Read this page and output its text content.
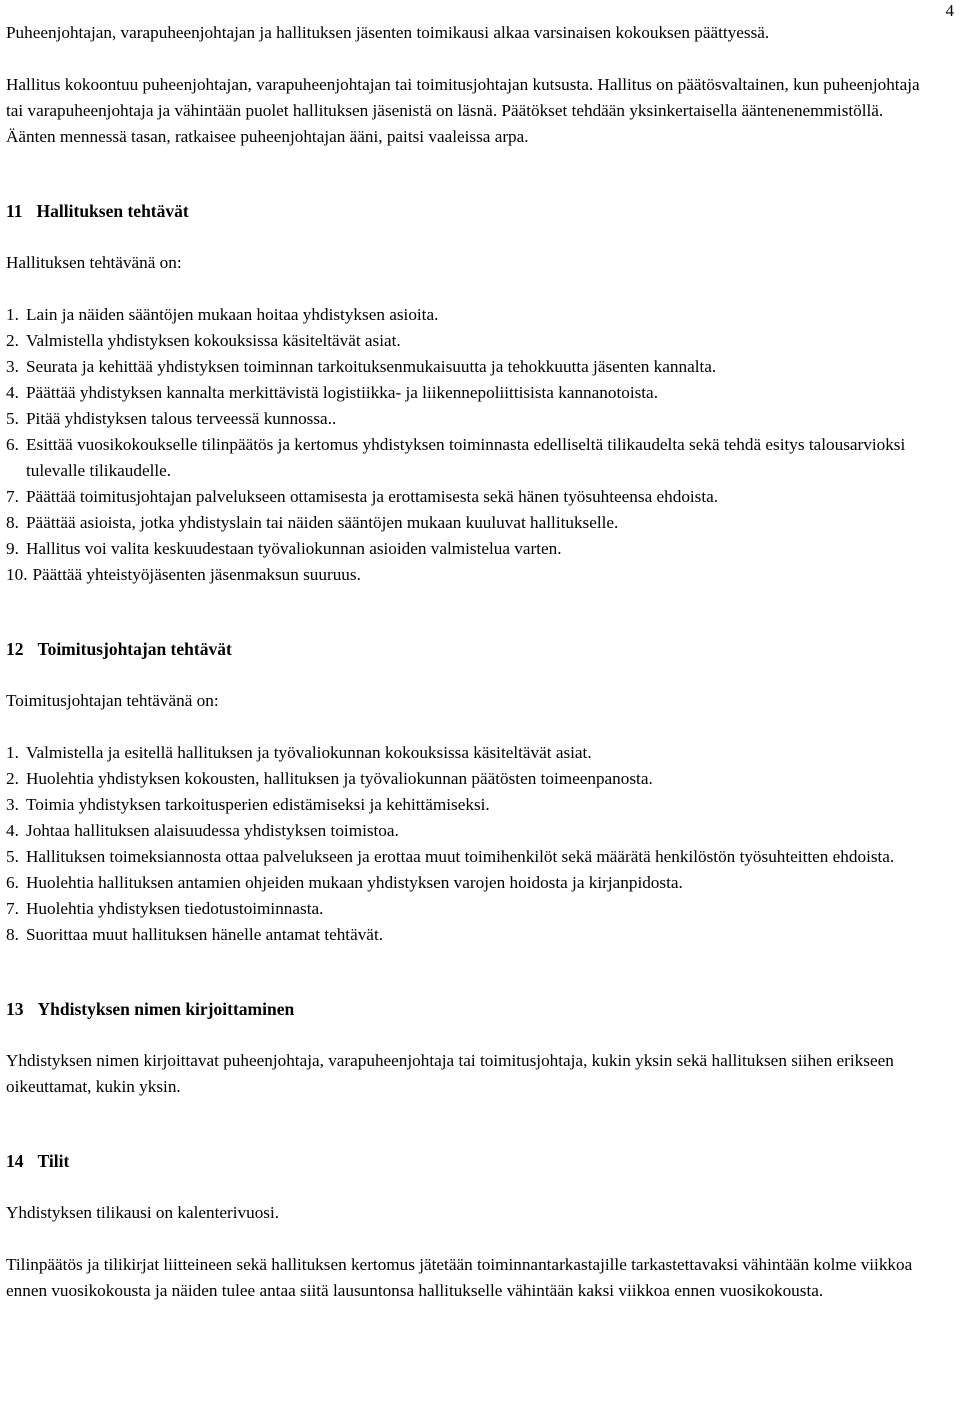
4

Puheenjohtajan, varapuheenjohtajan ja hallituksen jäsenten toimikausi alkaa varsinaisen kokouksen päättyessä.

Hallitus kokoontuu puheenjohtajan, varapuheenjohtajan tai toimitusjohtajan kutsusta. Hallitus on päätösvaltainen, kun puheenjohtaja tai varapuheenjohtaja ja vähintään puolet hallituksen jäsenistä on läsnä. Päätökset tehdään yksinkertaisella ääntenenemmistöllä. Äänten mennessä tasan, ratkaisee puheenjohtajan ääni, paitsi vaaleissa arpa.

11 Hallituksen tehtävät

Hallituksen tehtävänä on:

1. Lain ja näiden sääntöjen mukaan hoitaa yhdistyksen asioita.
2. Valmistella yhdistyksen kokouksissa käsiteltävät asiat.
3. Seurata ja kehittää yhdistyksen toiminnan tarkoituksenmukaisuutta ja tehokkuutta jäsenten kannalta.
4. Päättää yhdistyksen kannalta merkittävistä logistiikka- ja liikennepoliittisista kannanotoista.
5. Pitää yhdistyksen talous terveessä kunnossa..
6. Esittää vuosikokoukselle tilinpäätös ja kertomus yhdistyksen toiminnasta edelliseltä tilikaudelta sekä tehdä esitys talousarvioksi tulevalle tilikaudelle.
7. Päättää toimitusjohtajan palvelukseen ottamisesta ja erottamisesta sekä hänen työsuhteensa ehdoista.
8. Päättää asioista, jotka yhdistyslain tai näiden sääntöjen mukaan kuuluvat hallitukselle.
9. Hallitus voi valita keskuudestaan työvaliokunnan asioiden valmistelua varten.
10. Päättää yhteistyöjäsenten jäsenmaksun suuruus.

12 Toimitusjohtajan tehtävät

Toimitusjohtajan tehtävänä on:

1. Valmistella ja esitellä hallituksen ja työvaliokunnan kokouksissa käsiteltävät asiat.
2. Huolehtia yhdistyksen kokousten, hallituksen ja työvaliokunnan päätösten toimeenpanosta.
3. Toimia yhdistyksen tarkoitusperien edistämiseksi ja kehittämiseksi.
4. Johtaa hallituksen alaisuudessa yhdistyksen toimistoa.
5. Hallituksen toimeksiannosta ottaa palvelukseen ja erottaa muut toimihenkilöt sekä määrätä henkilöstön työsuhteitten ehdoista.
6. Huolehtia hallituksen antamien ohjeiden mukaan yhdistyksen varojen hoidosta ja kirjanpidosta.
7. Huolehtia yhdistyksen tiedotustoiminnasta.
8. Suorittaa muut hallituksen hänelle antamat tehtävät.

13 Yhdistyksen nimen kirjoittaminen

Yhdistyksen nimen kirjoittavat puheenjohtaja, varapuheenjohtaja tai toimitusjohtaja, kukin yksin sekä hallituksen siihen erikseen oikeuttamat, kukin yksin.

14 Tilit

Yhdistyksen tilikausi on kalenterivuosi.

Tilinpäätös ja tilikirjat liitteineen sekä hallituksen kertomus jätetään toiminnantarkastajille tarkastettavaksi vähintään kolme viikkoa ennen vuosikokousta ja näiden tulee antaa siitä lausuntonsa hallitukselle vähintään kaksi viikkoa ennen vuosikokousta.
